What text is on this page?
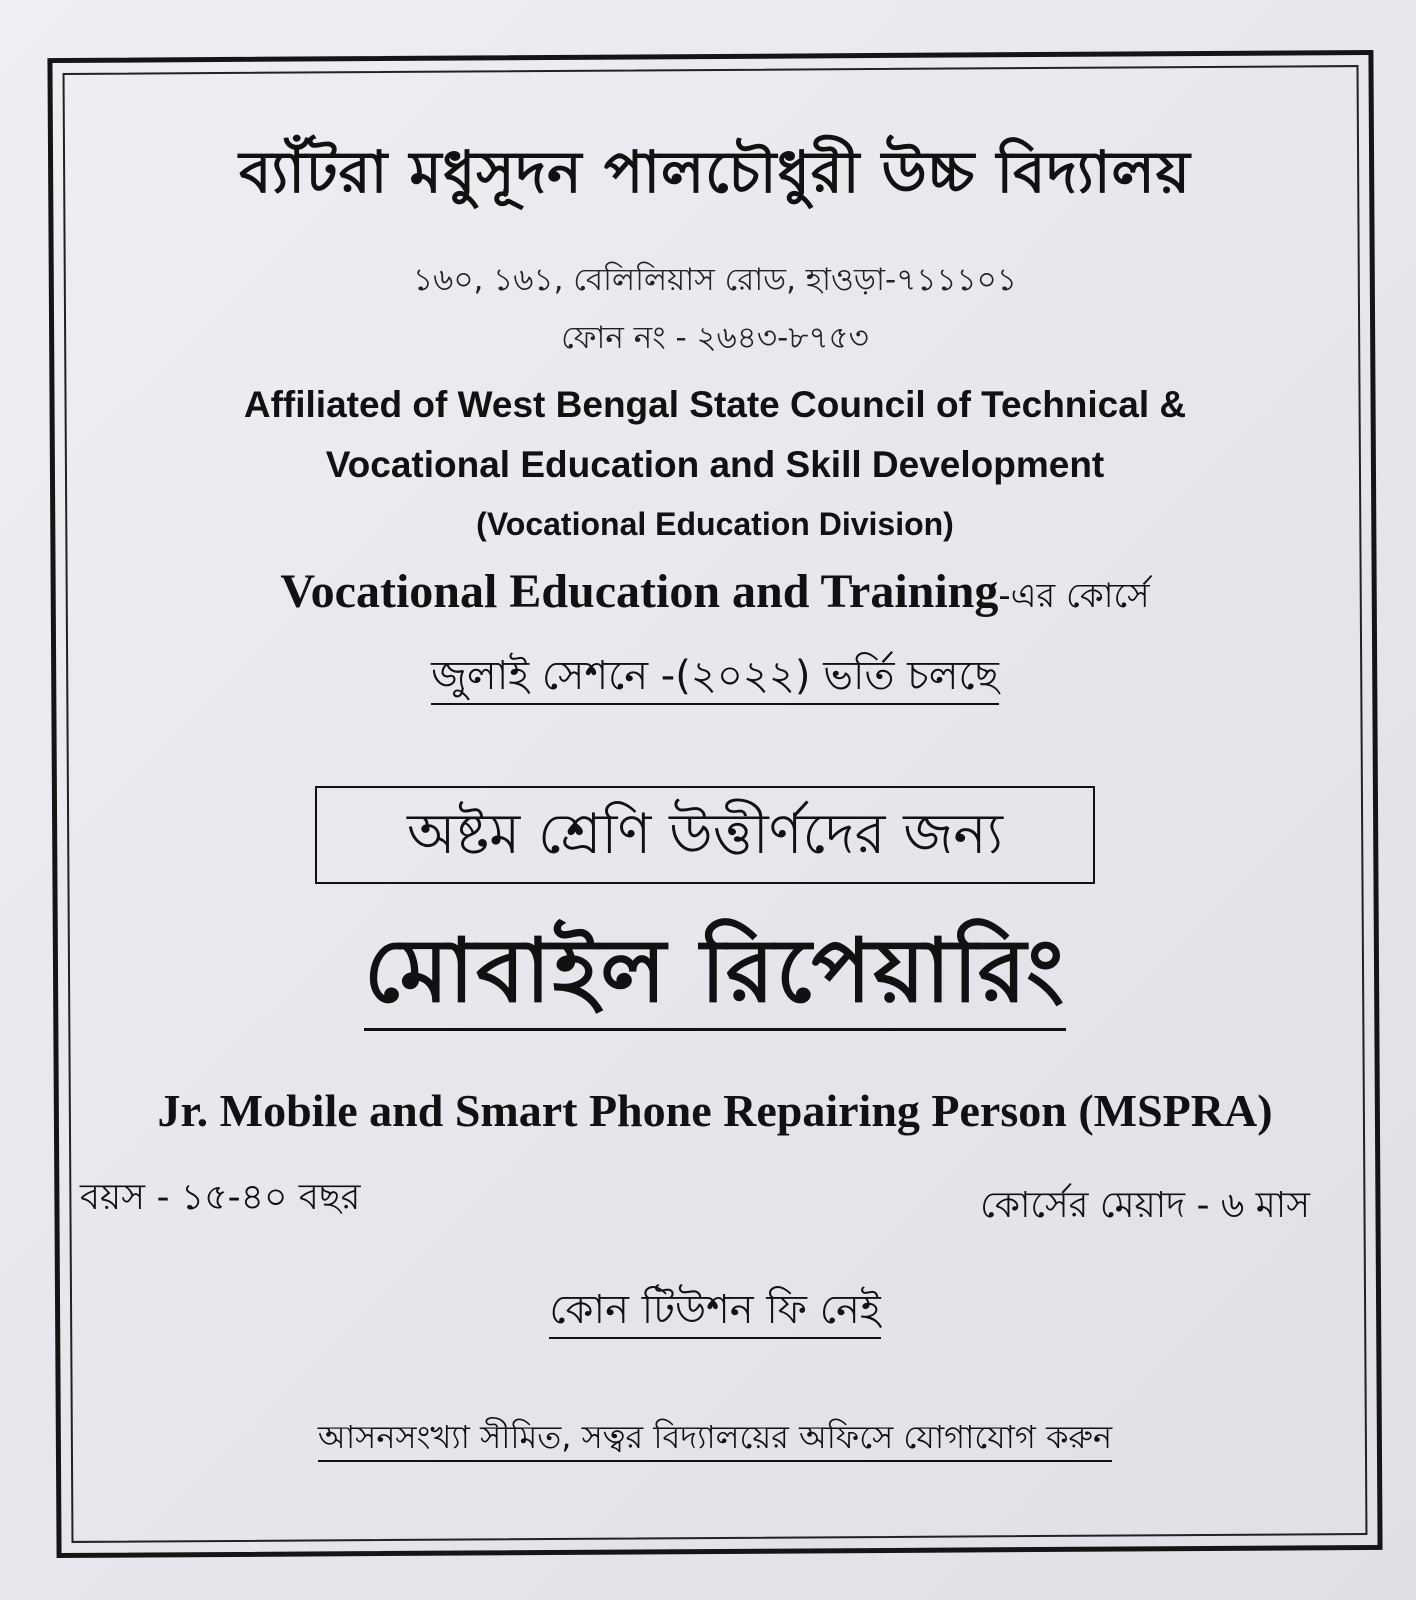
ব্যাঁটরা মধুসূদন পালচৌধুরী উচ্চ বিদ্যালয়
১৬০, ১৬১, বেলিলিয়াস রোড, হাওড়া-৭১১১০১
ফোন নং - ২৬৪৩-৮৭৫৩
Affiliated of West Bengal State Council of Technical &
Vocational Education and Skill Development
(Vocational Education Division)
Vocational Education and Training-এর কোর্সে
জুলাই সেশনে -(২০২২) ভর্তি চলছে
অষ্টম শ্রেণি উত্তীর্ণদের জন্য
মোবাইল রিপেয়ারিং
Jr. Mobile and Smart Phone Repairing Person (MSPRA)
বয়স - ১৫-৪০ বছর	কোর্সের মেয়াদ - ৬ মাস
কোন টিউশন ফি নেই
আসনসংখ্যা সীমিত, সত্বর বিদ্যালয়ের অফিসে যোগাযোগ করুন
